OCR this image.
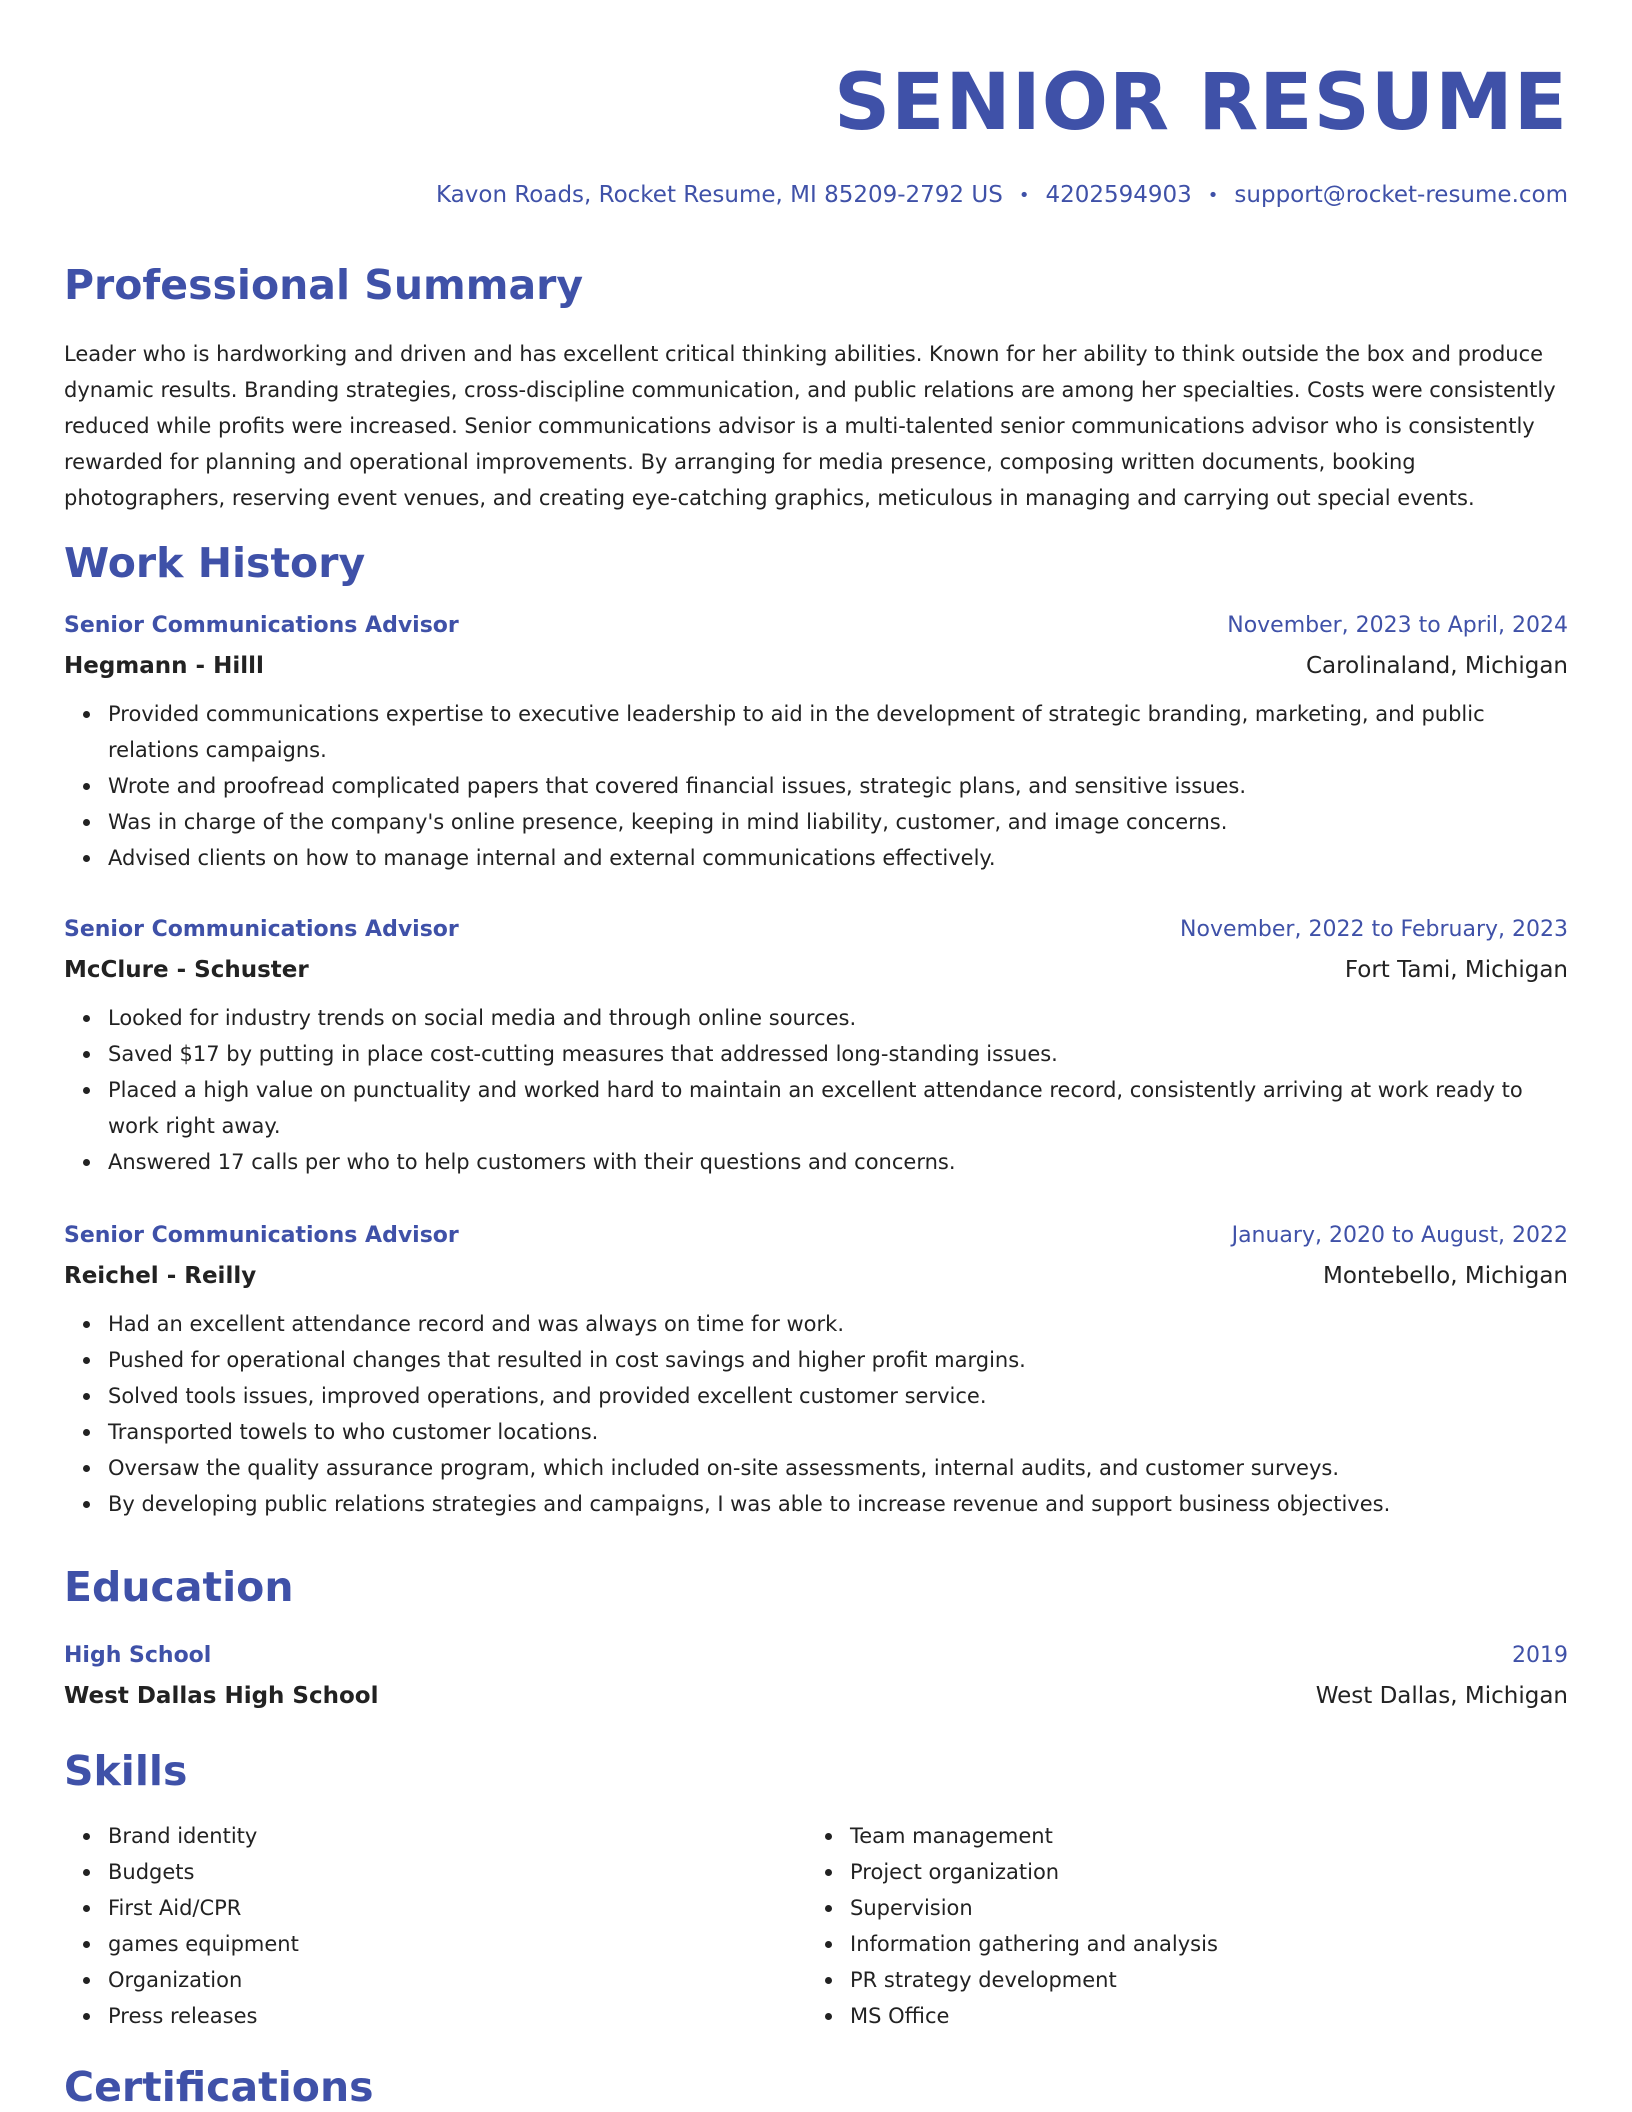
SENIOR RESUME
Kavon Roads, Rocket Resume, MI 85209-2792 US • 4202594903 • support@rocket-resume.com
Professional Summary

Leader who is hardworking and driven and has excellent critical thinking abilities. Known for her ability to think outside the box and produce dynamic results. Branding strategies, cross-discipline communication, and public relations are among her specialties. Costs were consistently reduced while profits were increased. Senior communications advisor is a multi-talented senior communications advisor who is consistently rewarded for planning and operational improvements. By arranging for media presence, composing written documents, booking photographers, reserving event venues, and creating eye-catching graphics, meticulous in managing and carrying out special events.

Work History
Senior Communications Advisor	November, 2023 to April, 2024
Hegmann - Hilll	Carolinaland, Michigan
Provided communications expertise to executive leadership to aid in the development of strategic branding, marketing, and public relations campaigns.
Wrote and proofread complicated papers that covered financial issues, strategic plans, and sensitive issues.
Was in charge of the company's online presence, keeping in mind liability, customer, and image concerns.
Advised clients on how to manage internal and external communications effectively.
Senior Communications Advisor	November, 2022 to February, 2023
McClure - Schuster	Fort Tami, Michigan
Looked for industry trends on social media and through online sources.
Saved $17 by putting in place cost-cutting measures that addressed long-standing issues.
Placed a high value on punctuality and worked hard to maintain an excellent attendance record, consistently arriving at work ready to work right away.
Answered 17 calls per who to help customers with their questions and concerns.
Senior Communications Advisor	January, 2020 to August, 2022
Reichel - Reilly	Montebello, Michigan
Had an excellent attendance record and was always on time for work.
Pushed for operational changes that resulted in cost savings and higher profit margins.
Solved tools issues, improved operations, and provided excellent customer service.
Transported towels to who customer locations.
Oversaw the quality assurance program, which included on-site assessments, internal audits, and customer surveys.
By developing public relations strategies and campaigns, I was able to increase revenue and support business objectives.
Education
High School	2019
West Dallas High School	West Dallas, Michigan
Skills
Brand identity
Budgets
First Aid/CPR
games equipment
Organization
Press releases
Team management
Project organization
Supervision
Information gathering and analysis
PR strategy development
MS Office
Certifications
